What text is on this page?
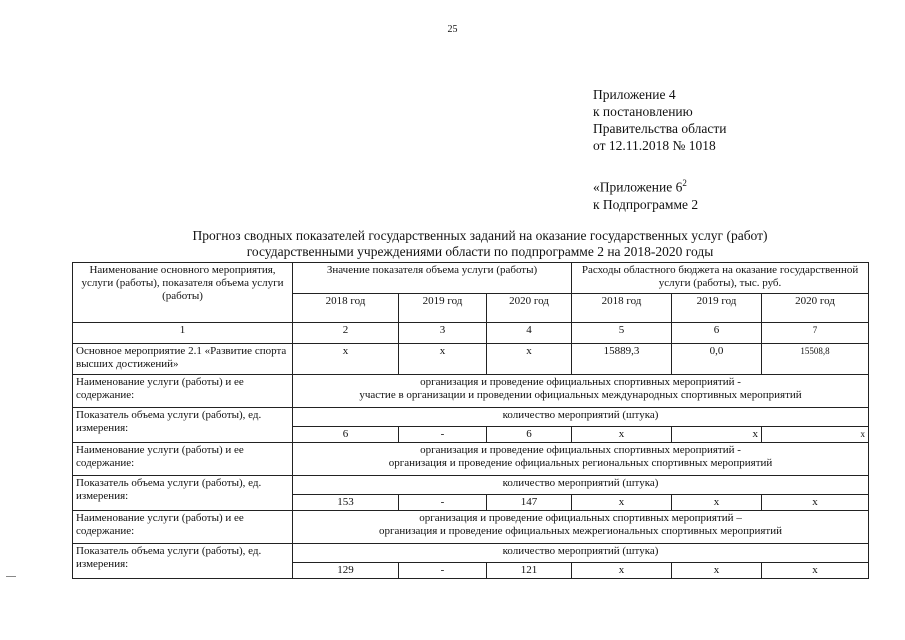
25
Приложение 4
к постановлению
Правительства области
от 12.11.2018 № 1018
«Приложение $6^2$
к Подпрограмме 2
Прогноз сводных показателей государственных заданий на оказание государственных услуг (работ)
государственными учреждениями области по подпрограмме 2 на 2018-2020 годы
Наименование основного мероприятия, услуги (работы), показателя объема услуги (работы)	Значение показателя объема услуги (работы)			Расходы областного бюджета на оказание государственной услуги (работы), тыс. руб.		
	2018 год	2019 год	2020 год	2018 год	2019 год	2020 год
1	2	3	4	5	6	7
Основное мероприятие 2.1 «Развитие спорта высших достижений»	х	х	х	15889,3	0,0	15508,8
Наименование услуги (работы) и ее содержание:	организация и проведение официальных спортивных мероприятий -
участие в организации и проведении официальных международных спортивных мероприятий					

Показатель объема услуги (работы), ед. измерения:	количество мероприятий (штука)					
	6	-	6	х	х	х
Наименование услуги (работы) и ее содержание:	организация и проведение официальных спортивных мероприятий -
организация и проведение официальных региональных спортивных мероприятий					

Показатель объема услуги (работы), ед. измерения:	количество мероприятий (штука)					
	153	-	147	х	х	х
Наименование услуги (работы) и ее содержание:	организация и проведение официальных спортивных мероприятий –
организация и проведение официальных межрегиональных спортивных мероприятий					

Показатель объема услуги (работы), ед. измерения:	количество мероприятий (штука)					
	129	-	121	х	х	х
